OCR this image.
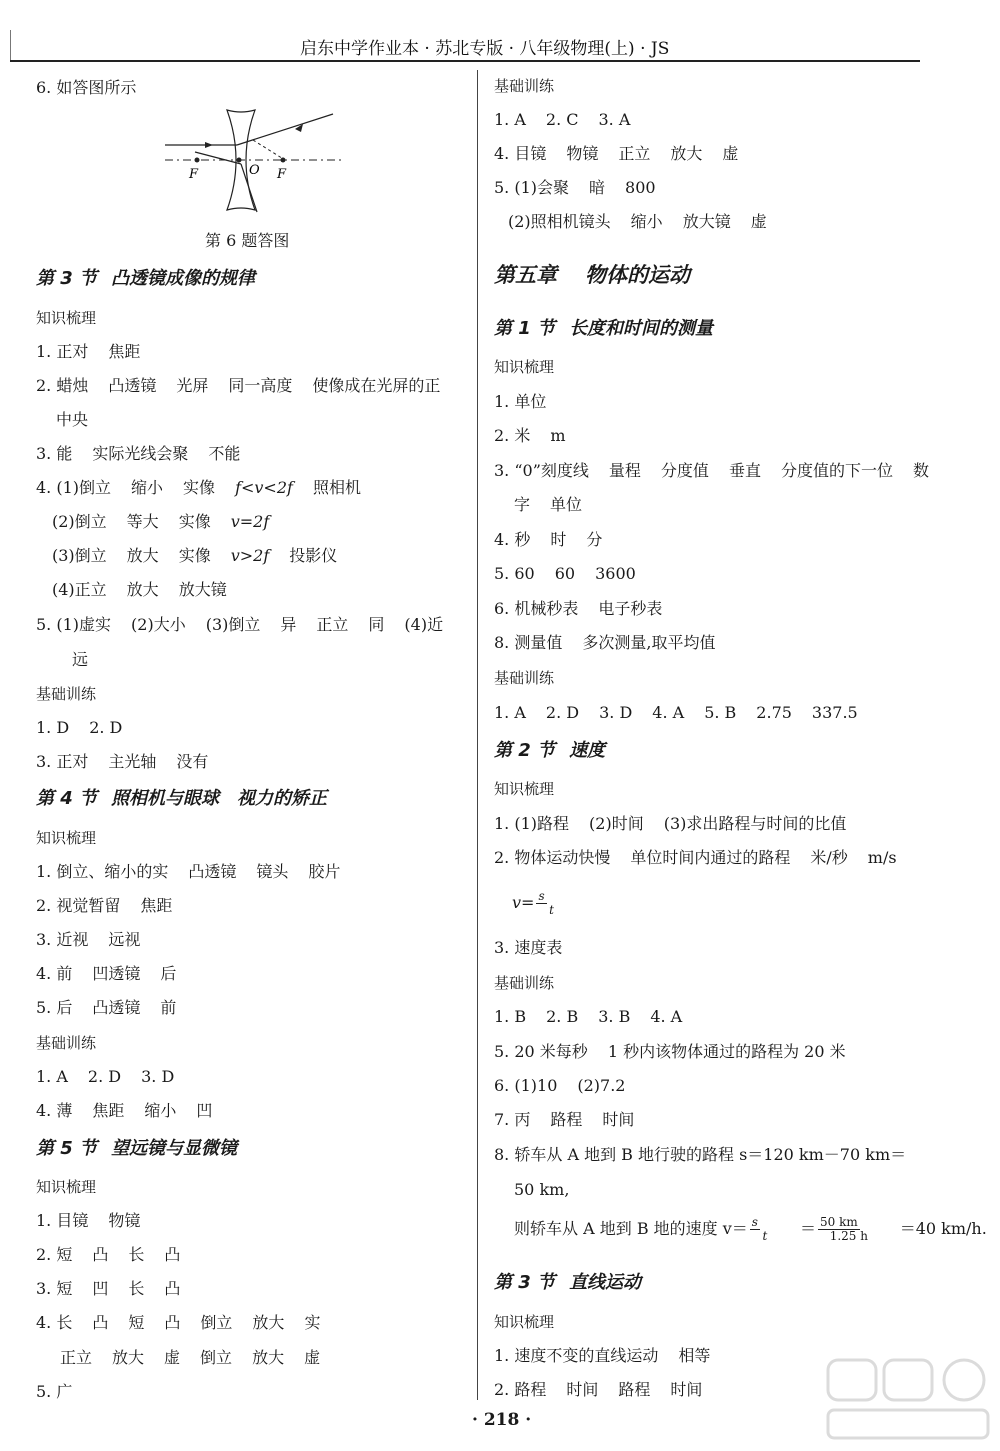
启东中学作业本 · 苏北专版 · 八年级物理(上) · JS
6. 如答图所示
F	O F
第 6 题答图
第 3 节 凸透镜成像的规律
知识梳理
1. 正对 焦距
2. 蜡烛 凸透镜 光屏 同一高度 使像成在光屏的正
中央
3. 能 实际光线会聚 不能
4. (1)倒立 缩小 实像 f<v<2f 照相机
(2)倒立 等大 实像 v=2f
(3)倒立 放大 实像 v>2f 投影仪
(4)正立 放大 放大镜
5. (1)虚实 (2)大小 (3)倒立 异 正立 同 (4)近
远
基础训练
1. D 2. D
3. 正对 主光轴 没有
第 4 节 照相机与眼球　视力的矫正
知识梳理
1. 倒立、缩小的实 凸透镜 镜头 胶片
2. 视觉暂留 焦距
3. 近视 远视
4. 前 凹透镜 后
5. 后 凸透镜 前
基础训练
1. A 2. D 3. D
4. 薄 焦距 缩小 凹
第 5 节 望远镜与显微镜
知识梳理
1. 目镜 物镜
2. 短 凸 长 凸
3. 短 凹 长 凸
4. 长 凸 短 凸 倒立 放大 实
正立 放大 虚 倒立 放大 虚
5. 广
基础训练
1. A 2. C 3. A
4. 目镜 物镜 正立 放大 虚
5. (1)会聚 暗 800
(2)照相机镜头 缩小 放大镜 虚
第五章 物体的运动
第 1 节 长度和时间的测量
知识梳理
1. 单位
2. 米 m
3. “0”刻度线 量程 分度值 垂直 分度值的下一位 数
字 单位
4. 秒 时 分
5. 60 60 3600
6. 机械秒表 电子秒表
8. 测量值 多次测量,取平均值
基础训练
1. A 2. D 3. D 4. A 5. B 2.75 337.5
第 2 节 速度
知识梳理
1. (1)路程 (2)时间 (3)求出路程与时间的比值
2. 物体运动快慢 单位时间内通过的路程 米/秒 m/s
$v= \frac{s}{t}$
3. 速度表
基础训练
1. B 2. B 3. B 4. A
5. 20 米每秒 1 秒内该物体通过的路程为 20 米
6. (1)10 (2)7.2
7. 丙 路程 时间
8. 轿车从 A 地到 B 地行驶的路程 s＝120 km－70 km＝
50 km,
则轿车从 A 地到 B 地的速度 $v= \frac{s}{t} = \frac{50 km}{1.25 h} =40$ km/h.
第 3 节 直线运动
知识梳理
1. 速度不变的直线运动 相等
2. 路程 时间 路程 时间
· 218 ·
